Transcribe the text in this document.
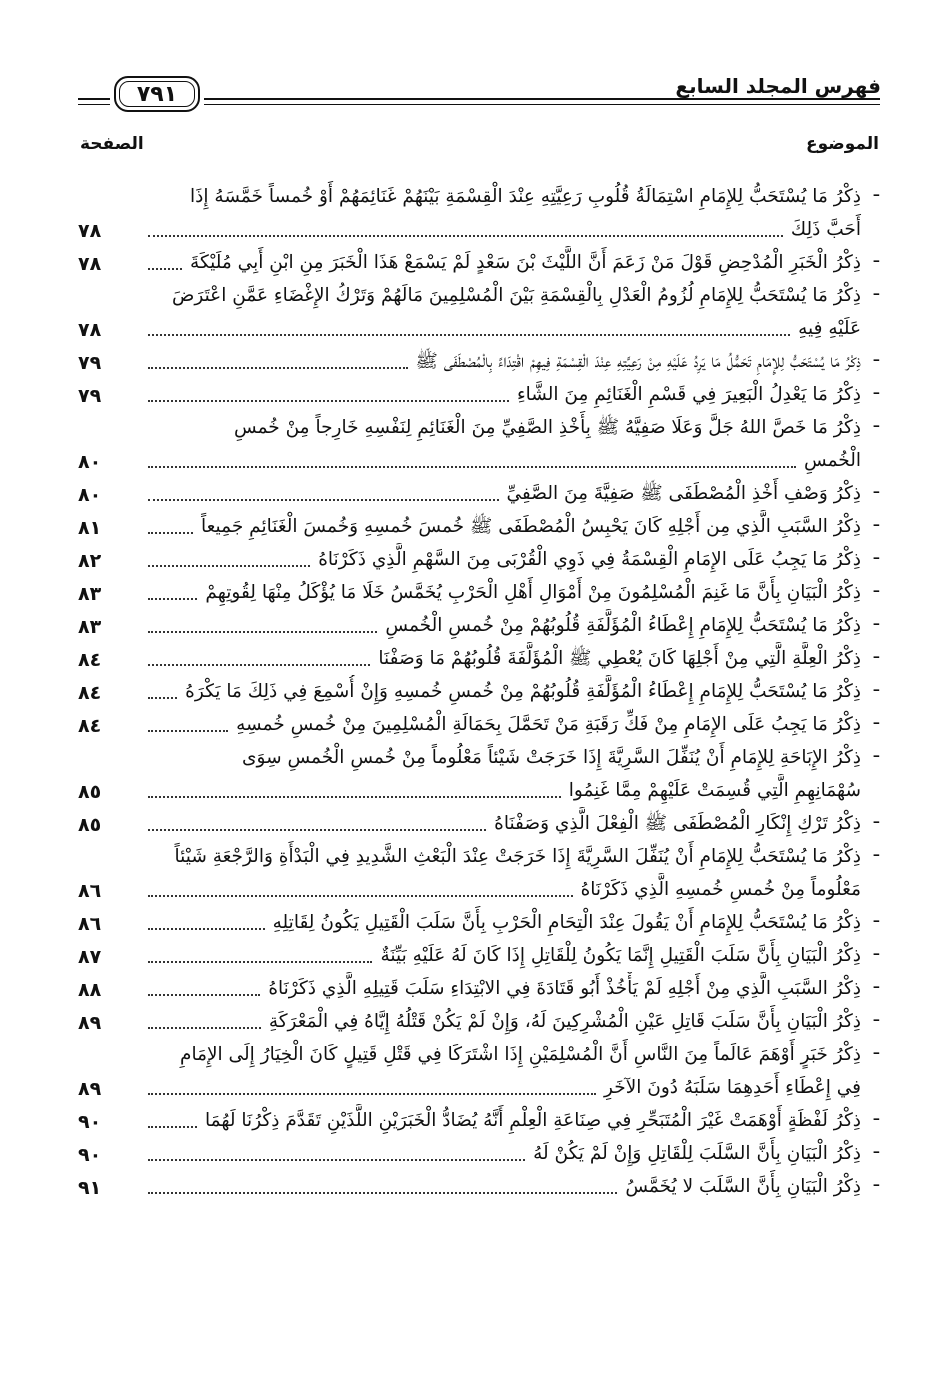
فهرس المجلد السابع
٧٩١
الموضوع
الصفحة
ـ
ذِكْرُ مَا يُسْتَحَبُّ لِلإِمَامِ اسْتِمَالَةُ قُلُوبِ رَعِيَّتِهِ عِنْدَ الْقِسْمَةِ بَيْنَهُمْ غَنَائِمَهُمْ أَوْ خُمساً خَمَّسَهُ إِذَا
أَحَبَّ ذَلِكَ
٧٨
ـ
ذِكْرُ الْخَبَرِ الْمُدْحِضِ قَوْلَ مَنْ زَعَمَ أَنَّ اللَّيْثَ بْنَ سَعْدٍ لَمْ يَسْمَعْ هَذَا الْخَبَرَ مِنِ ابْنِ أَبِي مُلَيْكَةَ
٧٨
ـ
ذِكْرُ مَا يُسْتَحَبُّ لِلإِمَامِ لُزُومُ الْعَدْلِ بِالْقِسْمَةِ بَيْنَ الْمُسْلِمِينَ مَالَهُمْ وَتَرْكُ الإِغْضَاءِ عَمَّنِ اعْتَرَضَ
عَلَيْهِ فِيهِ
٧٨
ـ
ذِكْرُ مَا يُسْتَحَبُّ لِلإِمَامِ تَحَمُّلُ مَا يَرِدُ عَلَيْهِ مِنْ رَعِيَّتِهِ عِنْدَ الْقِسْمَةِ فِيهِمْ اقْتِدَاءً بِالْمُصْطَفَى ﷺ
٧٩
ـ
ذِكْرُ مَا يَعْدِلُ الْبَعِيرَ فِي قَسْمِ الْغَنَائِمِ مِنَ الشَّاءِ
٧٩
ـ
ذِكْرُ مَا خَصَّ اللهُ جَلَّ وَعَلَا صَفِيَّهُ ﷺ بِأَخْذِ الصَّفِيِّ مِنَ الْغَنَائِمِ لِنَفْسِهِ خَارِجاً مِنْ خُمسِ
الْخُمسِ
٨٠
ـ
ذِكْرُ وَصْفِ أَخْذِ الْمُصْطَفَى ﷺ صَفِيَّةَ مِنَ الصَّفِيِّ
٨٠
ـ
ذِكْرُ السَّبَبِ الَّذِي مِن أَجْلِهِ كَانَ يَحْبِسُ الْمُصْطَفَى ﷺ خُمسَ خُمسِهِ وَخُمسَ الْغَنَائِمِ جَمِيعاً
٨١
ـ
ذِكْرُ مَا يَجِبُ عَلَى الإِمَامِ الْقِسْمَةُ فِي ذَوِي الْقُرْبَى مِنَ السَّهْمِ الَّذِي ذَكَرْنَاهُ
٨٢
ـ
ذِكْرُ الْبَيَانِ بِأَنَّ مَا غَنِمَ الْمُسْلِمُونَ مِنْ أَمْوَالِ أَهْلِ الْحَرْبِ يُخَمَّسُ خَلَا مَا يُؤْكَلُ مِنْهَا لِقُوتِهِمْ
٨٣
ـ
ذِكْرُ مَا يُسْتَحَبُّ لِلإِمَامِ إِعْطَاءُ الْمُؤَلَّفَةِ قُلُوبُهُمْ مِنْ خُمسِ الْخُمسِ
٨٣
ـ
ذِكْرُ الْعِلَّةِ الَّتِي مِنْ أَجْلِهَا كَانَ يُعْطِي ﷺ الْمُؤَلَّفَةَ قُلُوبُهُمْ مَا وَصَفْنَا
٨٤
ـ
ذِكْرُ مَا يُسْتَحَبُّ لِلإِمَامِ إِعْطَاءُ الْمُؤَلَّفَةِ قُلُوبُهُمْ مِنْ خُمسِ خُمسِهِ وَإِنْ أُسْمِعَ فِي ذَلِكَ مَا يَكْرَهُ
٨٤
ـ
ذِكْرُ مَا يَجِبُ عَلَى الإِمَامِ مِنْ فَكِّ رَقَبَةِ مَنْ تَحَمَّلَ بِحَمَالَةِ الْمُسْلِمِينَ مِنْ خُمسِ خُمسِهِ
٨٤
ـ
ذِكْرُ الإِبَاحَةِ لِلإِمَامِ أَنْ يُنَفِّلَ السَّرِيَّةَ إِذَا خَرَجَتْ شَيْئاً مَعْلُوماً مِنْ خُمسِ الْخُمسِ سِوَى
سُهْمَانِهِمِ الَّتِي قُسِمَتْ عَلَيْهِمْ مِمَّا غَنِمُوا
٨٥
ـ
ذِكْرُ تَرْكِ إِنْكَارِ الْمُصْطَفَى ﷺ الْفِعْلَ الَّذِي وَصَفْنَاهُ
٨٥
ـ
ذِكْرُ مَا يُسْتَحَبُّ لِلإِمَامِ أَنْ يُنَفِّلَ السَّرِيَّةَ إِذَا خَرَجَتْ عِنْدَ الْبَعْثِ الشَّدِيدِ فِي الْبَدْأَةِ وَالرَّجْعَةِ شَيْئاً
مَعْلُوماً مِنْ خُمسِ خُمسِهِ الَّذِي ذَكَرْنَاهُ
٨٦
ـ
ذِكْرُ مَا يُسْتَحَبُّ لِلإِمَامِ أَنْ يَقُولَ عِنْدَ الْتِحَامِ الْحَرْبِ بِأَنَّ سَلَبَ الْقَتِيلِ يَكُونُ لِقَاتِلِهِ
٨٦
ـ
ذِكْرُ الْبَيَانِ بِأَنَّ سَلَبَ الْقَتِيلِ إِنَّمَا يَكُونُ لِلْقَاتِلِ إِذَا كَانَ لَهُ عَلَيْهِ بَيِّنَةٌ
٨٧
ـ
ذِكْرُ السَّبَبِ الَّذِي مِنْ أَجْلِهِ لَمْ يَأْخُذْ أَبُو قَتَادَةَ فِي الابْتِدَاءِ سَلَبَ قَتِيلِهِ الَّذِي ذَكَرْنَاهُ
٨٨
ـ
ذِكْرُ الْبَيَانِ بِأَنَّ سَلَبَ قَاتِلِ عَيْنِ الْمُشْرِكِينَ لَهُ، وَإِنْ لَمْ يَكُنْ قَتْلُهُ إِيَّاهُ فِي الْمَعْرَكَةِ
٨٩
ـ
ذِكْرُ خَبَرٍ أَوْهَمَ عَالَماً مِنَ النَّاسِ أَنَّ الْمُسْلِمَيْنِ إِذَا اشْتَرَكَا فِي قَتْلِ قَتِيلٍ كَانَ الْخِيَارُ إِلَى الإِمَامِ
فِي إِعْطَاءِ أَحَدِهِمَا سَلَبَهُ دُونَ الآخَرِ
٨٩
ـ
ذِكْرُ لَفْظَةٍ أَوْهَمَتْ غَيْرَ الْمُتَبَحِّرِ فِي صِنَاعَةِ الْعِلْمِ أَنَّهُ يُضَادُّ الْخَبَرَيْنِ اللَّذَيْنِ تَقَدَّمَ ذِكْرُنَا لَهُمَا
٩٠
ـ
ذِكْرُ الْبَيَانِ بِأَنَّ السَّلَبَ لِلْقَاتِلِ وَإِنْ لَمْ يَكُنْ لَهُ
٩٠
ـ
ذِكْرُ الْبَيَانِ بِأَنَّ السَّلَبَ لا يُخَمَّسُ
٩١
